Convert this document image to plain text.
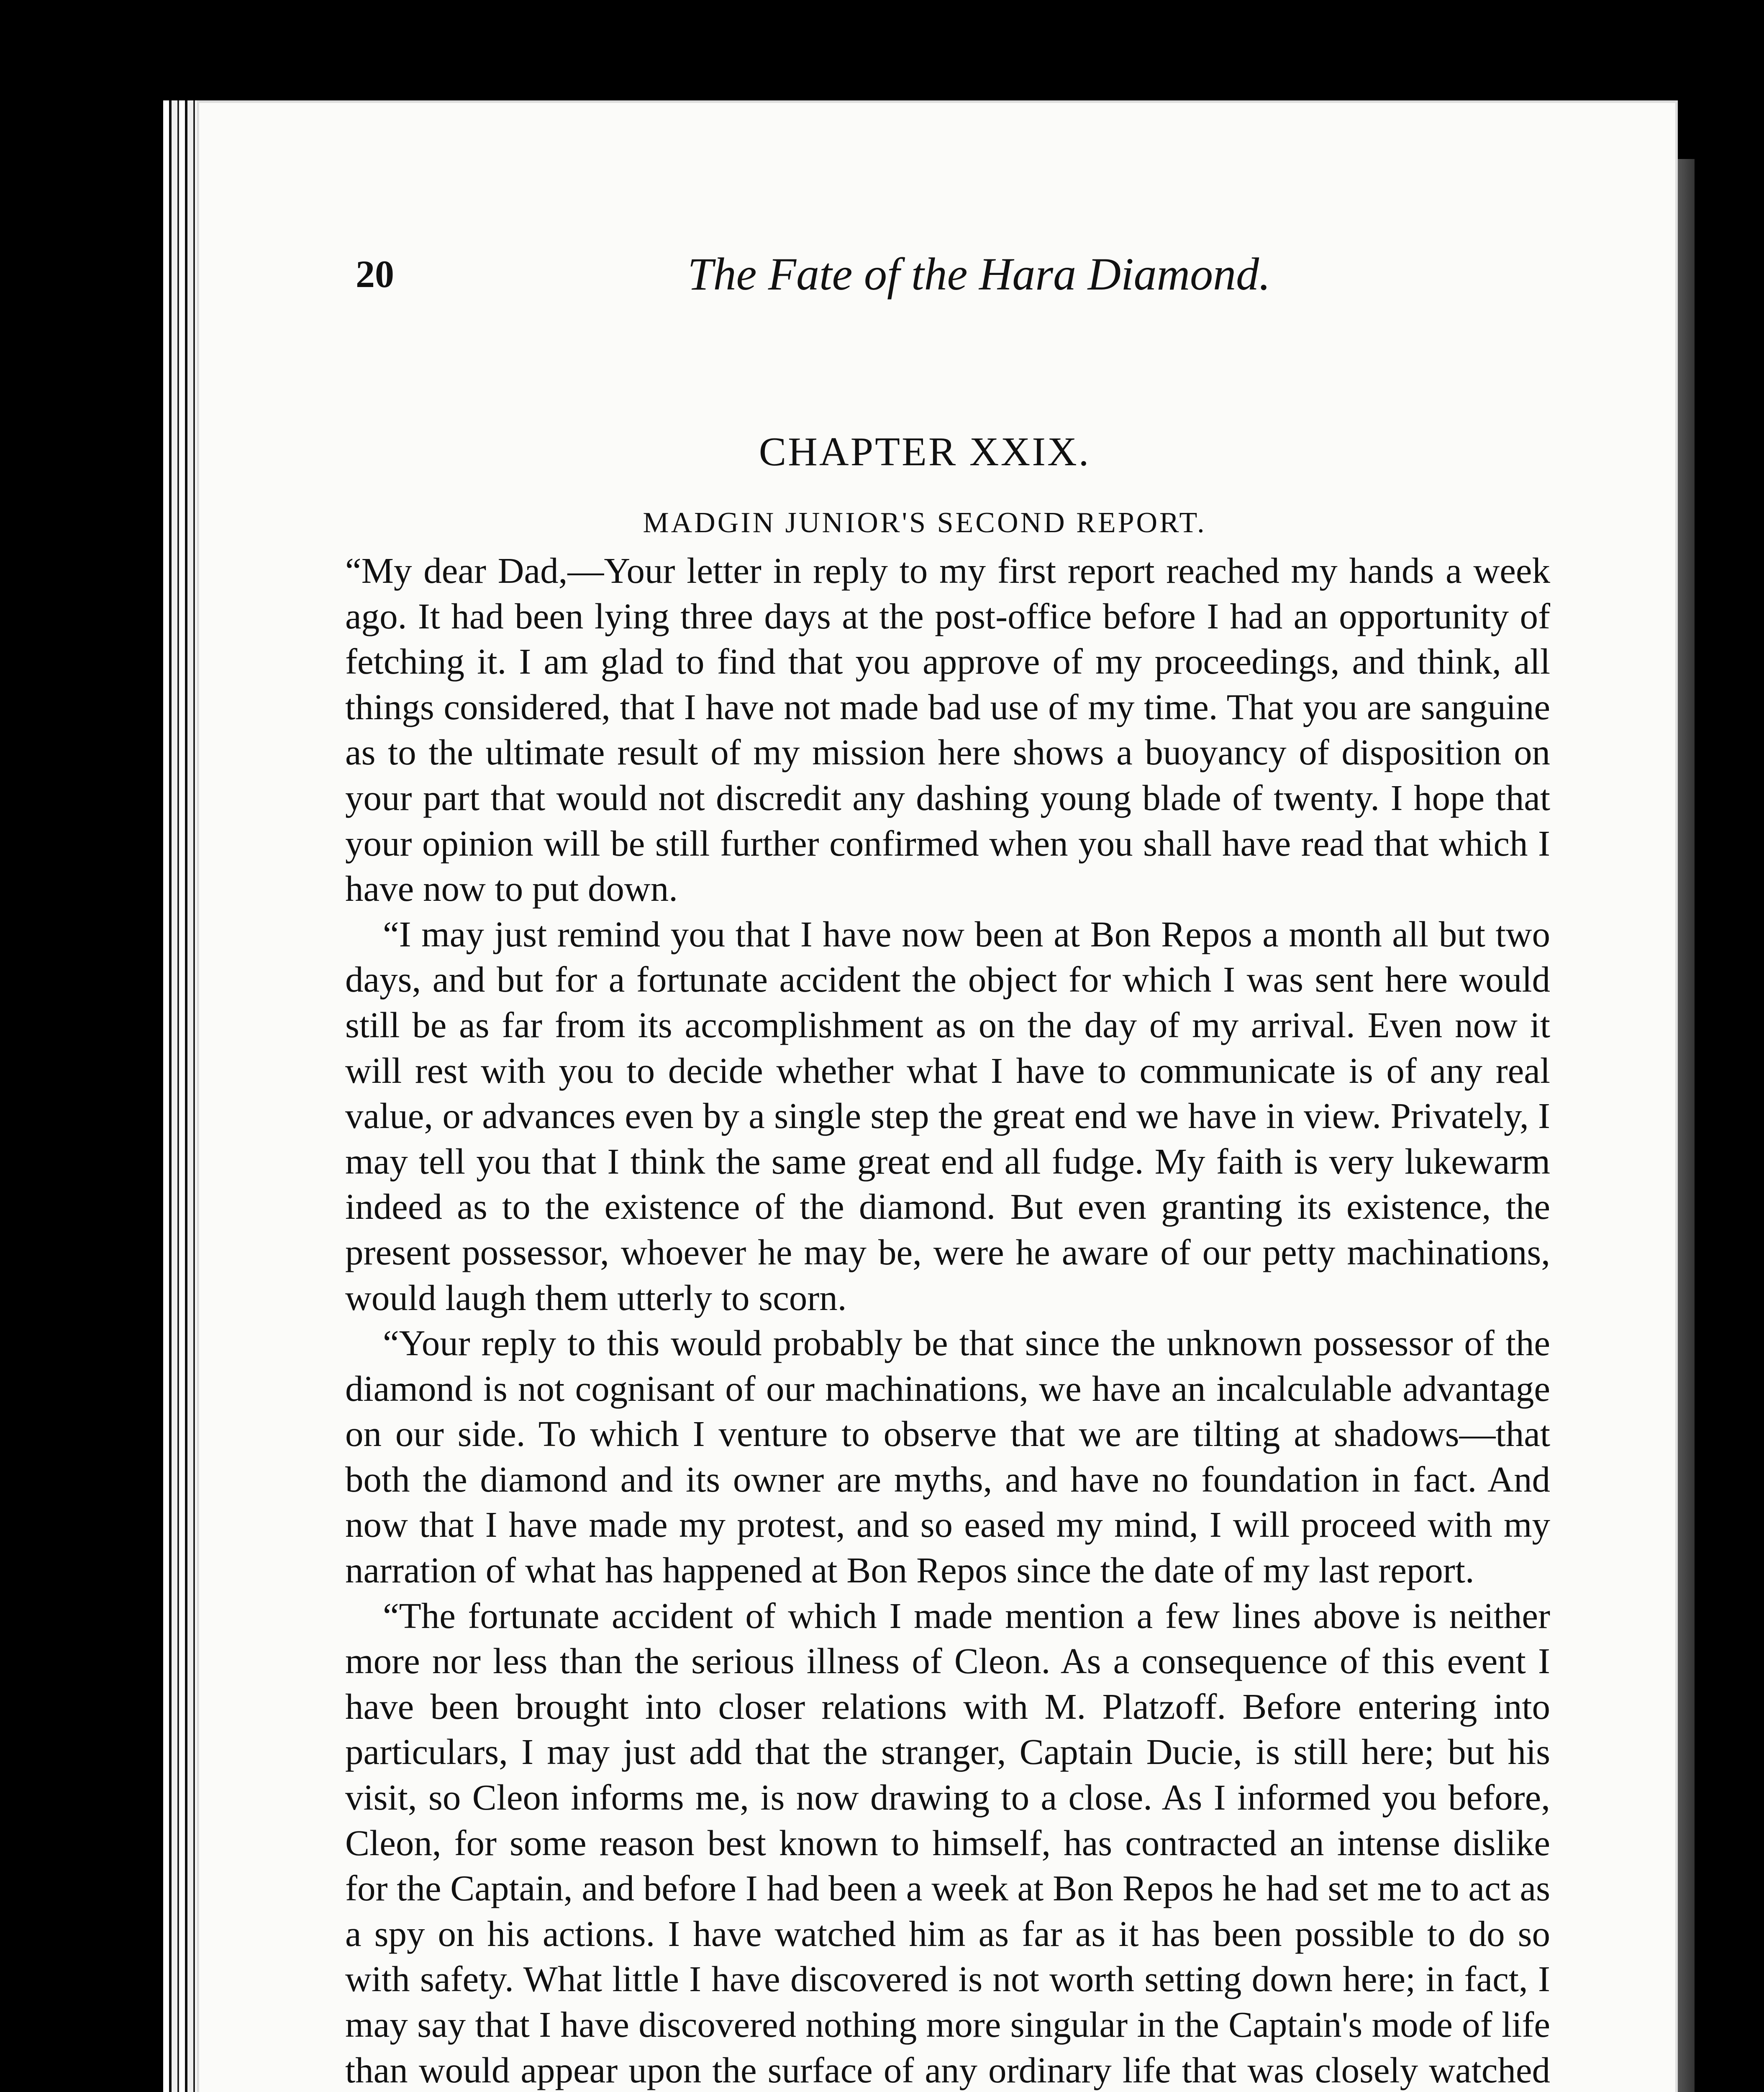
20	The Fate of the Hara Diamond.
CHAPTER XXIX.
MADGIN JUNIOR'S SECOND REPORT.

“My dear Dad,—Your letter in reply to my first report reached my hands a week ago. It had been lying three days at the post-office before I had an opportunity of fetching it. I am glad to find that you approve of my proceedings, and think, all things considered, that I have not made bad use of my time. That you are sanguine as to the ultimate result of my mission here shows a buoyancy of disposition on your part that would not discredit any dashing young blade of twenty. I hope that your opinion will be still further confirmed when you shall have read that which I have now to put down.

“I may just remind you that I have now been at Bon Repos a month all but two days, and but for a fortunate accident the object for which I was sent here would still be as far from its accomplishment as on the day of my arrival. Even now it will rest with you to decide whether what I have to communicate is of any real value, or advances even by a single step the great end we have in view. Privately, I may tell you that I think the same great end all fudge. My faith is very lukewarm indeed as to the existence of the diamond. But even granting its existence, the present possessor, whoever he may be, were he aware of our petty machinations, would laugh them utterly to scorn.

“Your reply to this would probably be that since the unknown possessor of the diamond is not cognisant of our machinations, we have an incalculable advantage on our side. To which I venture to observe that we are tilting at shadows—that both the diamond and its owner are myths, and have no foundation in fact. And now that I have made my protest, and so eased my mind, I will proceed with my narration of what has happened at Bon Repos since the date of my last report.

“The fortunate accident of which I made mention a few lines above is neither more nor less than the serious illness of Cleon. As a consequence of this event I have been brought into closer relations with M. Platzoff. Before entering into particulars, I may just add that the stranger, Captain Ducie, is still here; but his visit, so Cleon informs me, is now drawing to a close. As I informed you before, Cleon, for some reason best known to himself, has contracted an intense dislike for the Captain, and before I had been a week at Bon Repos he had set me to act as a spy on his actions. I have watched him as far as it has been possible to do so with safety. What little I have discovered is not worth setting down here; in fact, I may say that I have discovered nothing more singular in the Captain's mode of life than would appear upon the surface of any ordinary life that was closely watched
